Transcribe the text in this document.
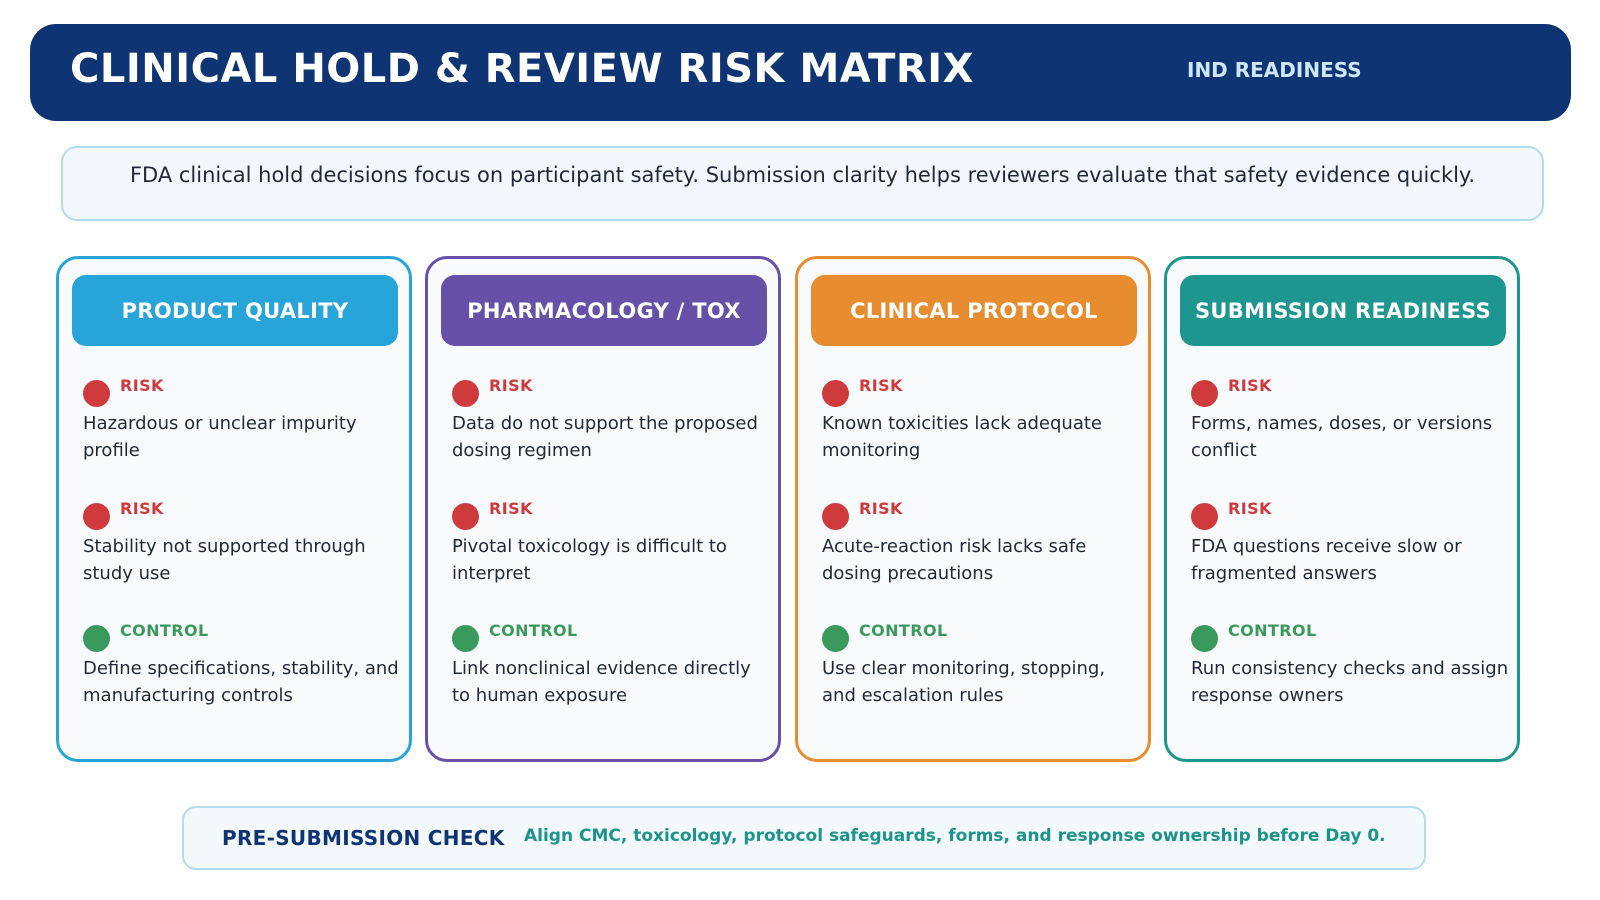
CLINICAL HOLD & REVIEW RISK MATRIX	IND READINESS
FDA clinical hold decisions focus on participant safety. Submission clarity helps reviewers evaluate that safety evidence quickly.
PRODUCT QUALITY
RISK
Hazardous or unclear impurity profile
RISK
Stability not supported through study use
CONTROL
Define specifications, stability, and manufacturing controls
PHARMACOLOGY / TOX
RISK
Data do not support the proposed dosing regimen
RISK
Pivotal toxicology is difficult to interpret
CONTROL
Link nonclinical evidence directly to human exposure
CLINICAL PROTOCOL
RISK
Known toxicities lack adequate monitoring
RISK
Acute-reaction risk lacks safe dosing precautions
CONTROL
Use clear monitoring, stopping, and escalation rules
SUBMISSION READINESS
RISK
Forms, names, doses, or versions conflict
RISK
FDA questions receive slow or fragmented answers
CONTROL
Run consistency checks and assign response owners
PRE-SUBMISSION CHECK Align CMC, toxicology, protocol safeguards, forms, and response ownership before Day 0.
